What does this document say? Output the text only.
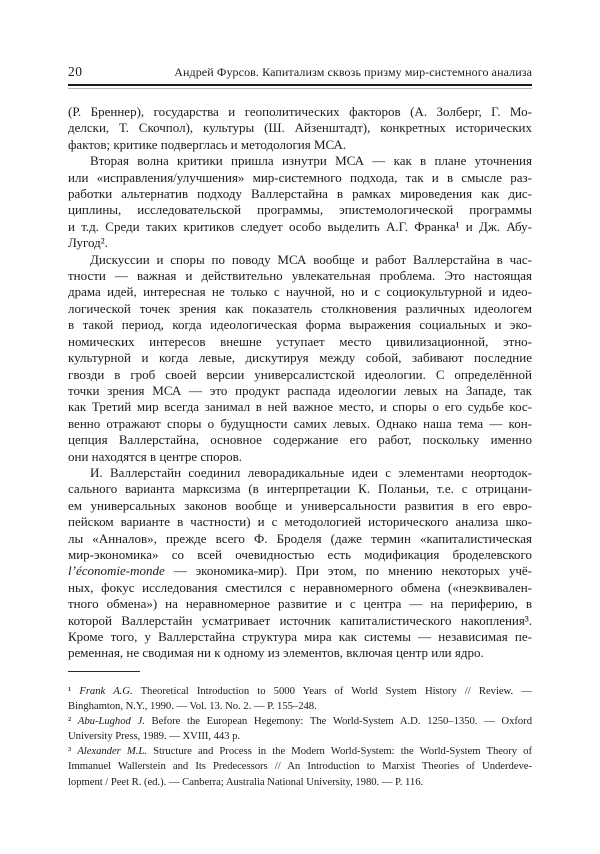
20	Андрей Фурсов. Капитализм сквозь призму мир-системного анализа
(Р. Бреннер), государства и геополитических факторов (А. Золберг, Г. Мо-
делски, Т. Скочпол), культуры (Ш. Айзенштадт), конкретных исторических
фактов; критике подверглась и методология МСА.
Вторая волна критики пришла изнутри МСА — как в плане уточнения
или «исправления/улучшения» мир-системного подхода, так и в смысле раз-
работки альтернатив подходу Валлерстайна в рамках мироведения как дис-
циплины, исследовательской программы, эпистемологической программы
и т.д. Среди таких критиков следует особо выделить А.Г. Франка¹ и Дж. Абу-
Лугод².
Дискуссии и споры по поводу МСА вообще и работ Валлерстайна в час-
тности — важная и действительно увлекательная проблема. Это настоящая
драма идей, интересная не только с научной, но и с социокультурной и идео-
логической точек зрения как показатель столкновения различных идеологем
в такой период, когда идеологическая форма выражения социальных и эко-
номических интересов внешне уступает место цивилизационной, этно-
культурной и когда левые, дискутируя между собой, забивают последние
гвозди в гроб своей версии универсалистской идеологии. С определённой
точки зрения МСА — это продукт распада идеологии левых на Западе, так
как Третий мир всегда занимал в ней важное место, и споры о его судьбе кос-
венно отражают споры о будущности самих левых. Однако наша тема — кон-
цепция Валлерстайна, основное содержание его работ, поскольку именно
они находятся в центре споров.
И. Валлерстайн соединил леворадикальные идеи с элементами неортодок-
сального варианта марксизма (в интерпретации К. Поланьи, т.е. с отрицани-
ем универсальных законов вообще и универсальности развития в его евро-
пейском варианте в частности) и с методологией исторического анализа шко-
лы «Анналов», прежде всего Ф. Броделя (даже термин «капиталистическая
мир-экономика» со всей очевидностью есть модификация броделевского
l’économie-monde — экономика-мир). При этом, по мнению некоторых учё-
ных, фокус исследования сместился с неравномерного обмена («неэквивален-
тного обмена») на неравномерное развитие и с центра — на периферию, в
которой Валлерстайн усматривает источник капиталистического накопления³.
Кроме того, у Валлерстайна структура мира как системы — независимая пе-
ременная, не сводимая ни к одному из элементов, включая центр или ядро.
¹ Frank A.G. Theoretical Introduction to 5000 Years of World System History // Review. —
Binghamton, N.Y., 1990. — Vol. 13. No. 2. — P. 155–248.
² Abu-Lughod J. Before the European Hegemony: The World-System A.D. 1250–1350. — Oxford
University Press, 1989. — XVIII, 443 p.
³ Alexander M.L. Structure and Process in the Modern World-System: the World-System Theory of
Immanuel Wallerstein and Its Predecessors // An Introduction to Marxist Theories of Underdeve-
lopment / Peet R. (ed.). — Canberra; Australia National University, 1980. — P. 116.
